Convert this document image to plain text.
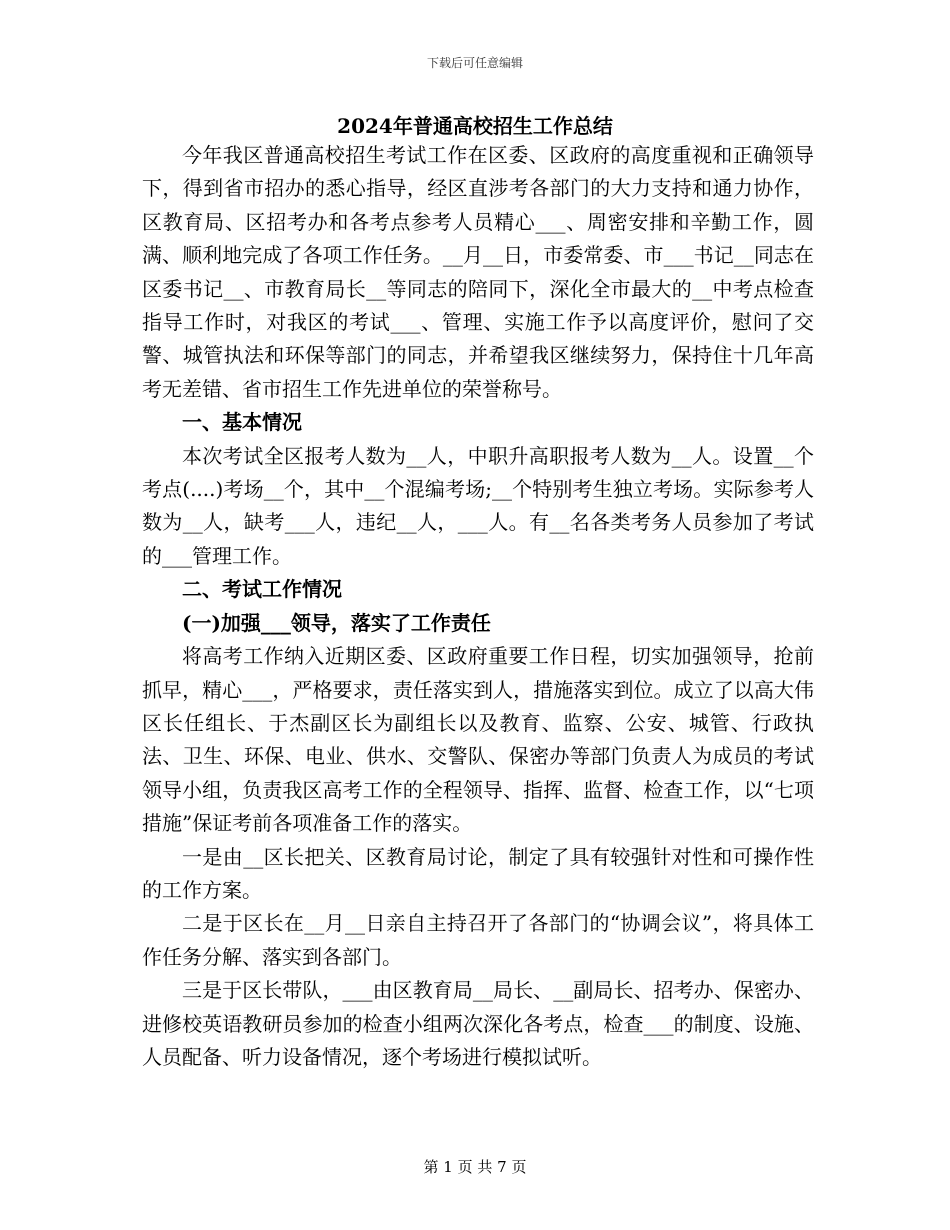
下载后可任意编辑
2024年普通高校招生工作总结

今年我区普通高校招生考试工作在区委、区政府的高度重视和正确领导下，得到省市招办的悉心指导，经区直涉考各部门的大力支持和通力协作，区教育局、区招考办和各考点参考人员精心___、周密安排和辛勤工作，圆满、顺利地完成了各项工作任务。__月__日，市委常委、市___书记__同志在区委书记__、市教育局长__等同志的陪同下，深化全市最大的__中考点检查指导工作时，对我区的考试___、管理、实施工作予以高度评价，慰问了交警、城管执法和环保等部门的同志，并希望我区继续努力，保持住十几年高考无差错、省市招生工作先进单位的荣誉称号。

一、基本情况

本次考试全区报考人数为__人，中职升高职报考人数为__人。设置__个考点(....)考场__个，其中__个混编考场;__个特别考生独立考场。实际参考人数为__人，缺考___人，违纪__人，___人。有__名各类考务人员参加了考试的___管理工作。

二、考试工作情况

(一)加强___领导，落实了工作责任

将高考工作纳入近期区委、区政府重要工作日程，切实加强领导，抢前抓早，精心___，严格要求，责任落实到人，措施落实到位。成立了以高大伟区长任组长、于杰副区长为副组长以及教育、监察、公安、城管、行政执法、卫生、环保、电业、供水、交警队、保密办等部门负责人为成员的考试领导小组，负责我区高考工作的全程领导、指挥、监督、检查工作，以“七项措施”保证考前各项准备工作的落实。

一是由__区长把关、区教育局讨论，制定了具有较强针对性和可操作性的工作方案。

二是于区长在__月__日亲自主持召开了各部门的“协调会议”，将具体工作任务分解、落实到各部门。

三是于区长带队，___由区教育局__局长、__副局长、招考办、保密办、进修校英语教研员参加的检查小组两次深化各考点，检查___的制度、设施、人员配备、听力设备情况，逐个考场进行模拟试听。

第 1 页 共 7 页
